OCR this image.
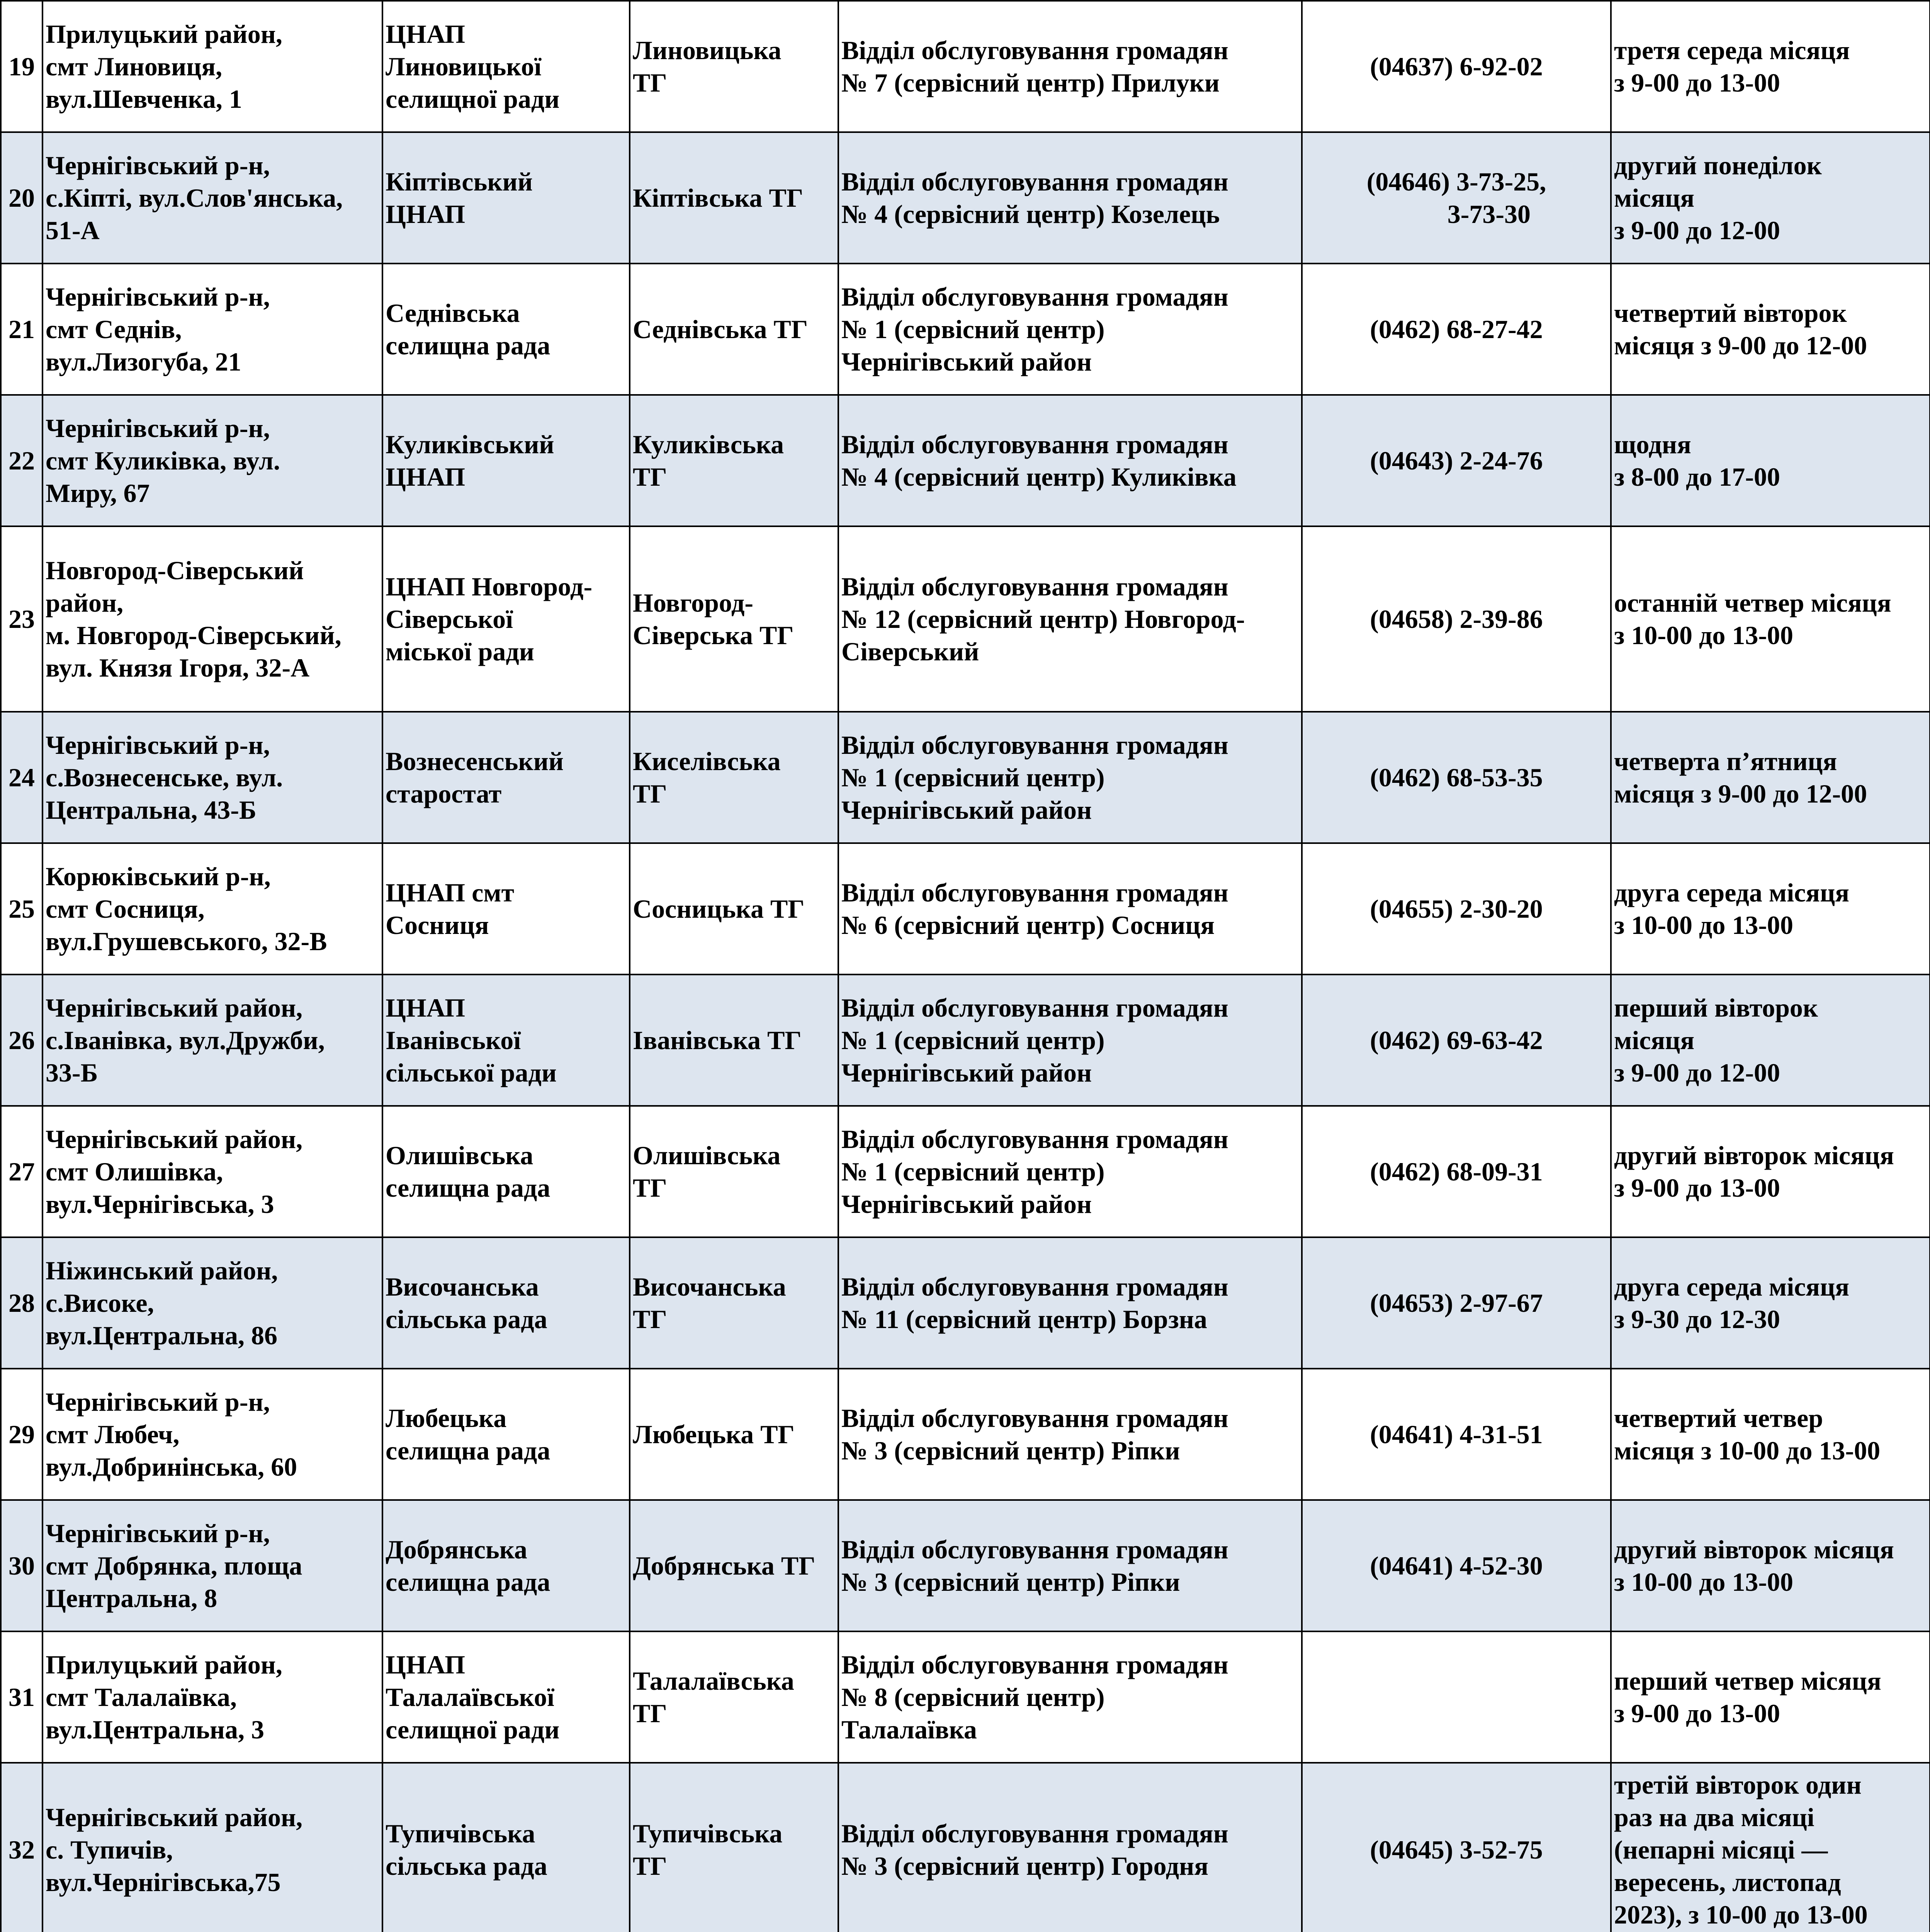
19	Прилуцький район,
смт Линовиця,
вул.Шевченка, 1	ЦНАП
Линовицької
селищної ради	Линовицька
ТГ	Відділ обслуговування громадян
№ 7 (сервісний центр) Прилуки	(04637) 6-92-02	третя середа місяця
з 9-00 до 13-00

20	Чернігівський р-н,
с.Кіпті, вул.Слов'янська,
51-А	Кіптівський
ЦНАП	Кіптівська ТГ	Відділ обслуговування громадян
№ 4 (сервісний центр) Козелець	(04646) 3-73-25,
3-73-30	другий понеділок
місяця
з 9-00 до 12-00

21	Чернігівський р-н,
смт Седнів,
вул.Лизогуба, 21	Седнівська
селищна рада	Седнівська ТГ	Відділ обслуговування громадян
№ 1 (сервісний центр)
Чернігівський район	(0462) 68-27-42	четвертий вівторок
місяця з 9-00 до 12-00

22	Чернігівський р-н,
смт Куликівка, вул.
Миру, 67	Куликівський
ЦНАП	Куликівська
ТГ	Відділ обслуговування громадян
№ 4 (сервісний центр) Куликівка	(04643) 2-24-76	щодня
з 8-00 до 17-00

23	Новгород-Сіверський
район,
м. Новгород-Сіверський,
вул. Князя Ігоря, 32-А	ЦНАП Новгород-
Сіверської
міської ради	Новгород-
Сіверська ТГ	Відділ обслуговування громадян
№ 12 (сервісний центр) Новгород-
Сіверський	(04658) 2-39-86	останній четвер місяця
з 10-00 до 13-00

24	Чернігівський р-н,
с.Вознесенське, вул.
Центральна, 43-Б	Вознесенський
старостат	Киселівська
ТГ	Відділ обслуговування громадян
№ 1 (сервісний центр)
Чернігівський район	(0462) 68-53-35	четверта п’ятниця
місяця з 9-00 до 12-00

25	Корюківський р-н,
смт Сосниця,
вул.Грушевського, 32-В	ЦНАП смт
Сосниця	Сосницька ТГ	Відділ обслуговування громадян
№ 6 (сервісний центр) Сосниця	(04655) 2-30-20	друга середа місяця
з 10-00 до 13-00

26	Чернігівський район,
с.Іванівка, вул.Дружби,
33-Б	ЦНАП
Іванівської
сільської ради	Іванівська ТГ	Відділ обслуговування громадян
№ 1 (сервісний центр)
Чернігівський район	(0462) 69-63-42	перший вівторок
місяця
з 9-00 до 12-00

27	Чернігівський район,
смт Олишівка,
вул.Чернігівська, 3	Олишівська
селищна рада	Олишівська
ТГ	Відділ обслуговування громадян
№ 1 (сервісний центр)
Чернігівський район	(0462) 68-09-31	другий вівторок місяця
з 9-00 до 13-00

28	Ніжинський район,
с.Високе,
вул.Центральна, 86	Височанська
сільська рада	Височанська
ТГ	Відділ обслуговування громадян
№ 11 (сервісний центр) Борзна	(04653) 2-97-67	друга середа місяця
з 9-30 до 12-30

29	Чернігівський р-н,
смт Любеч,
вул.Добринінська, 60	Любецька
селищна рада	Любецька ТГ	Відділ обслуговування громадян
№ 3 (сервісний центр) Ріпки	(04641) 4-31-51	четвертий четвер
місяця з 10-00 до 13-00

30	Чернігівський р-н,
смт Добрянка, площа
Центральна, 8	Добрянська
селищна рада	Добрянська ТГ	Відділ обслуговування громадян
№ 3 (сервісний центр) Ріпки	(04641) 4-52-30	другий вівторок місяця
з 10-00 до 13-00

31	Прилуцький район,
смт Талалаївка,
вул.Центральна, 3	ЦНАП
Талалаївської
селищної ради	Талалаївська
ТГ	Відділ обслуговування громадян
№ 8 (сервісний центр)
Талалаївка		перший четвер місяця
з 9-00 до 13-00

32	Чернігівський район,
с. Тупичів,
вул.Чернігівська,75	Тупичівська
сільська рада	Тупичівська
ТГ	Відділ обслуговування громадян
№ 3 (сервісний центр) Городня	(04645) 3-52-75	третій вівторок один
раз на два місяці
(непарні місяці —
вересень, листопад
2023), з 10-00 до 13-00
